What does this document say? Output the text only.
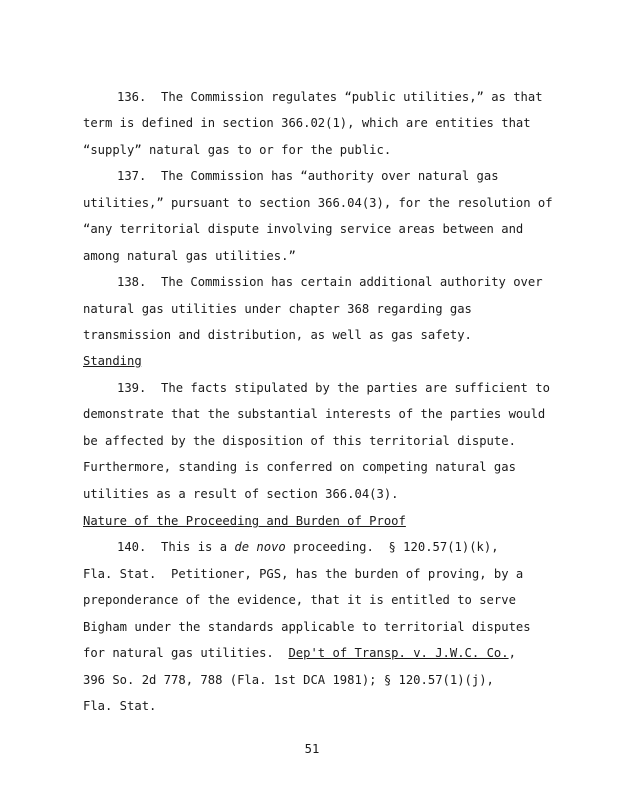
136.  The Commission regulates “public utilities,” as that
term is defined in section 366.02(1), which are entities that
“supply” natural gas to or for the public.
137.  The Commission has “authority over natural gas
utilities,” pursuant to section 366.04(3), for the resolution of
“any territorial dispute involving service areas between and
among natural gas utilities.”
138.  The Commission has certain additional authority over
natural gas utilities under chapter 368 regarding gas
transmission and distribution, as well as gas safety.
Standing
139.  The facts stipulated by the parties are sufficient to
demonstrate that the substantial interests of the parties would
be affected by the disposition of this territorial dispute.
Furthermore, standing is conferred on competing natural gas
utilities as a result of section 366.04(3).
Nature of the Proceeding and Burden of Proof
140.  This is a de novo proceeding.  § 120.57(1)(k),
Fla. Stat.  Petitioner, PGS, has the burden of proving, by a
preponderance of the evidence, that it is entitled to serve
Bigham under the standards applicable to territorial disputes
for natural gas utilities.  Dep't of Transp. v. J.W.C. Co.,
396 So. 2d 778, 788 (Fla. 1st DCA 1981); § 120.57(1)(j),
Fla. Stat.
51
